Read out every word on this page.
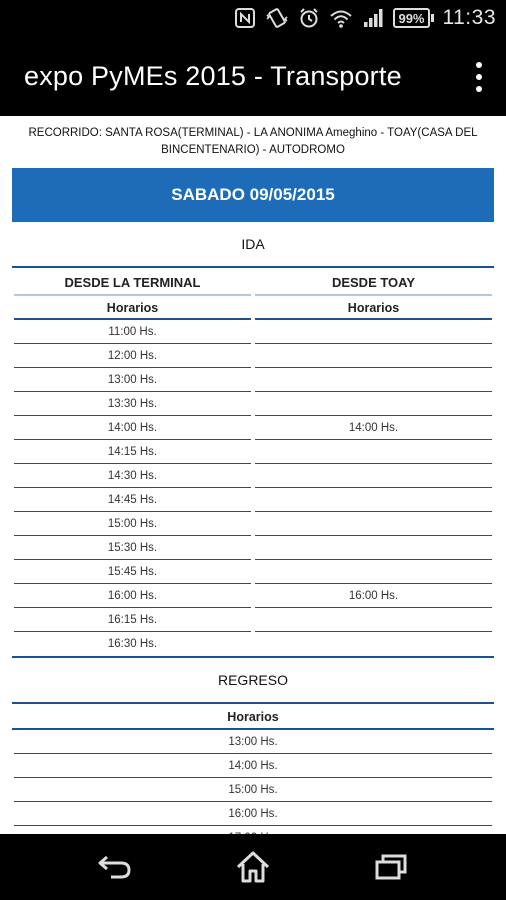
99% 11:33
expo PyMEs 2015 - Transporte
RECORRIDO: SANTA ROSA(TERMINAL) - LA ANONIMA Ameghino - TOAY(CASA DEL
BINCENTENARIO) - AUTODROMO
SABADO 09/05/2015
IDA
DESDE LA TERMINAL
Horarios
11:00 Hs.
12:00 Hs.
13:00 Hs.
13:30 Hs.
14:00 Hs.
14:15 Hs.
14:30 Hs.
14:45 Hs.
15:00 Hs.
15:30 Hs.
15:45 Hs.
16:00 Hs.
16:15 Hs.
16:30 Hs.
DESDE TOAY
Horarios
14:00 Hs.
16:00 Hs.
REGRESO
Horarios
13:00 Hs.
14:00 Hs.
15:00 Hs.
16:00 Hs.
